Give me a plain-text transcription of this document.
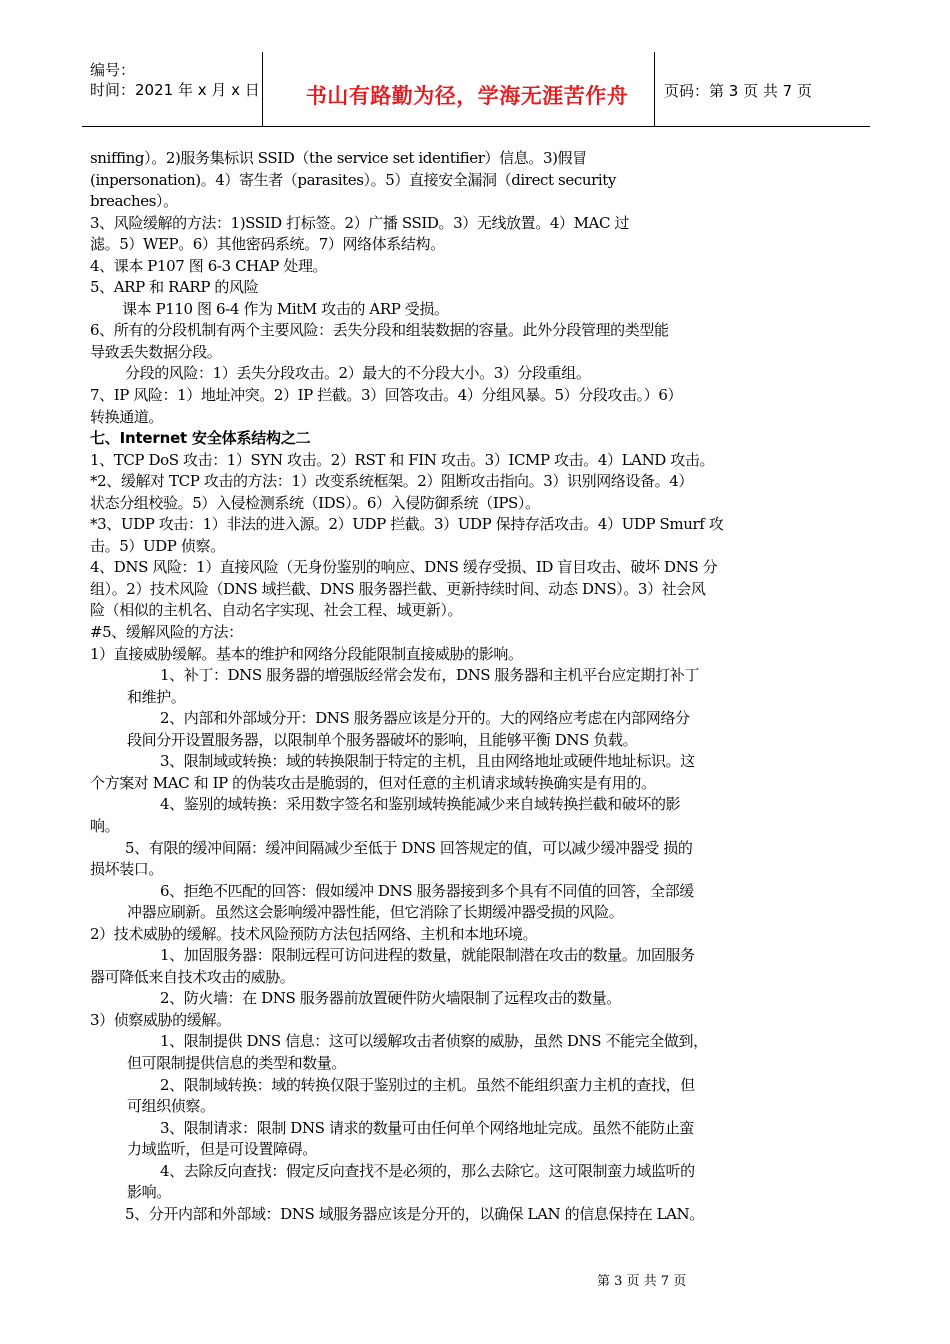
编号：
时间：2021 年 x 月 x 日	书山有路勤为径，学海无涯苦作舟	页码：第 3 页 共 7 页
sniffing）。2)服务集标识 SSID（the service set identifier）信息。3)假冒
(inpersonation)。4）寄生者（parasites）。5）直接安全漏洞（direct security
breaches）。
3、风险缓解的方法：1)SSID 打标签。2）广播 SSID。3）无线放置。4）MAC 过
滤。5）WEP。6）其他密码系统。7）网络体系结构。
4、课本 P107 图 6-3 CHAP 处理。
5、ARP 和 RARP 的风险
课本 P110 图 6-4 作为 MitM 攻击的 ARP 受损。
6、所有的分段机制有两个主要风险：丢失分段和组装数据的容量。此外分段管理的类型能
导致丢失数据分段。
分段的风险：1）丢失分段攻击。2）最大的不分段大小。3）分段重组。
7、IP 风险：1）地址冲突。2）IP 拦截。3）回答攻击。4）分组风暴。5）分段攻击。）6）
转换通道。
七、Internet 安全体系结构之二
1、TCP DoS 攻击：1）SYN 攻击。2）RST 和 FIN 攻击。3）ICMP 攻击。4）LAND 攻击。
*2、缓解对 TCP 攻击的方法：1）改变系统框架。2）阻断攻击指向。3）识别网络设备。4）
状态分组校验。5）入侵检测系统（IDS）。6）入侵防御系统（IPS）。
*3、UDP 攻击：1）非法的进入源。2）UDP 拦截。3）UDP 保持存活攻击。4）UDP Smurf 攻
击。5）UDP 侦察。
4、DNS 风险：1）直接风险（无身份鉴别的响应、DNS 缓存受损、ID 盲目攻击、破坏 DNS 分
组）。2）技术风险（DNS 域拦截、DNS 服务器拦截、更新持续时间、动态 DNS）。3）社会风
险（相似的主机名、自动名字实现、社会工程、域更新）。
#5、缓解风险的方法：
1）直接威胁缓解。基本的维护和网络分段能限制直接威胁的影响。
1、补丁：DNS 服务器的增强版经常会发布，DNS 服务器和主机平台应定期打补丁
和维护。
2、内部和外部域分开：DNS 服务器应该是分开的。大的网络应考虑在内部网络分
段间分开设置服务器，以限制单个服务器破坏的影响，且能够平衡 DNS 负载。
3、限制域或转换：域的转换限制于特定的主机，且由网络地址或硬件地址标识。这
个方案对 MAC 和 IP 的伪装攻击是脆弱的，但对任意的主机请求域转换确实是有用的。
4、鉴别的域转换：采用数字签名和鉴别域转换能减少来自域转换拦截和破坏的影
响。
5、有限的缓冲间隔：缓冲间隔减少至低于 DNS 回答规定的值，可以减少缓冲器受 损的
损坏装口。
6、拒绝不匹配的回答：假如缓冲 DNS 服务器接到多个具有不同值的回答，全部缓
冲器应刷新。虽然这会影响缓冲器性能，但它消除了长期缓冲器受损的风险。
2）技术威胁的缓解。技术风险预防方法包括网络、主机和本地环境。
1、加固服务器：限制远程可访问进程的数量，就能限制潜在攻击的数量。加固服务
器可降低来自技术攻击的威胁。
2、防火墙：在 DNS 服务器前放置硬件防火墙限制了远程攻击的数量。
3）侦察威胁的缓解。
1、限制提供 DNS 信息：这可以缓解攻击者侦察的威胁，虽然 DNS 不能完全做到，
但可限制提供信息的类型和数量。
2、限制域转换：域的转换仅限于鉴别过的主机。虽然不能组织蛮力主机的查找，但
可组织侦察。
3、限制请求：限制 DNS 请求的数量可由任何单个网络地址完成。虽然不能防止蛮
力域监听，但是可设置障碍。
4、去除反向查找：假定反向查找不是必须的，那么去除它。这可限制蛮力域监听的
影响。
5、分开内部和外部域：DNS 域服务器应该是分开的，以确保 LAN 的信息保持在 LAN。
第 3 页 共 7 页
